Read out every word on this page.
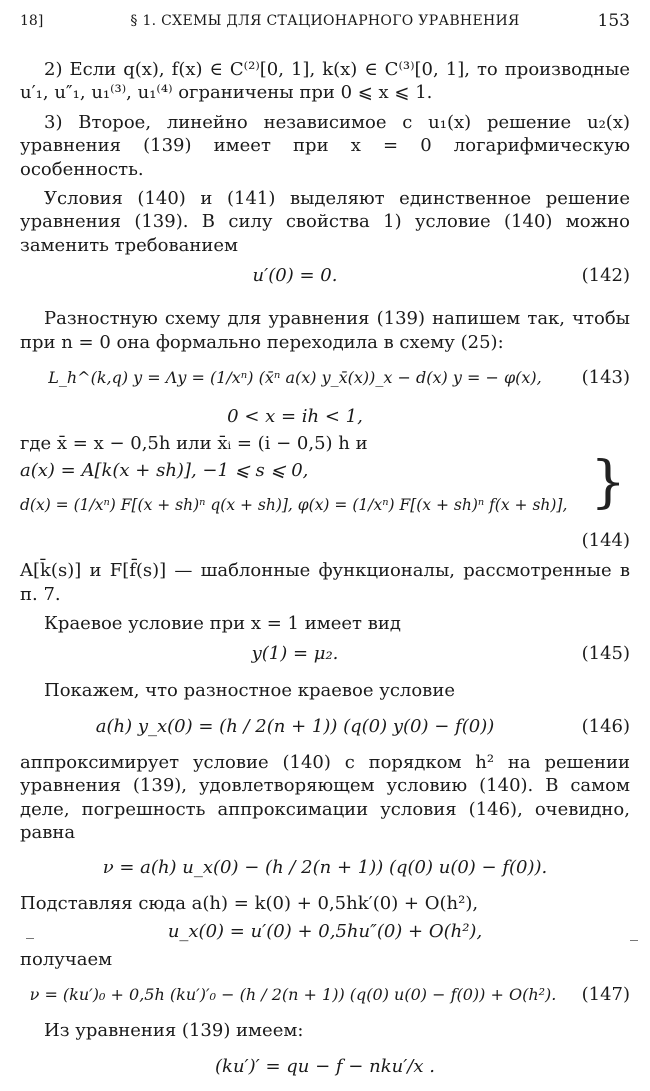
18]	§ 1. СХЕМЫ ДЛЯ СТАЦИОНАРНОГО УРАВНЕНИЯ	153

2) Если q(x), f(x) ∈ C⁽²⁾[0, 1], k(x) ∈ C⁽³⁾[0, 1], то производные u′₁, u″₁, u₁⁽³⁾, u₁⁽⁴⁾ ограничены при 0 ⩽ x ⩽ 1.

3) Второе, линейно независимое с u₁(x) решение u₂(x) уравнения (139) имеет при x = 0 логарифмическую особенность.

Условия (140) и (141) выделяют единственное решение уравнения (139). В силу свойства 1) условие (140) можно заменить требованием

u′(0) = 0.	(142)

Разностную схему для уравнения (139) напишем так, чтобы при n = 0 она формально переходила в схему (25):

L_h^(k,q) y = Λy = (1/xⁿ) (x̄ⁿ a(x) y_x̄(x))_x − d(x) y = − φ(x),	(143)
0 < x = ih < 1,

где x̄ = x − 0,5h или x̄ᵢ = (i − 0,5) h и

a(x) = A[k(x + sh)], −1 ⩽ s ⩽ 0,
d(x) = (1/xⁿ) F[(x + sh)ⁿ q(x + sh)], φ(x) = (1/xⁿ) F[(x + sh)ⁿ f(x + sh)], }
(144)

A[k̄(s)] и F[f̄(s)] — шаблонные функционалы, рассмотренные в п. 7.

Краевое условие при x = 1 имеет вид

y(1) = μ₂.	(145)

Покажем, что разностное краевое условие

a(h) y_x(0) = (h / 2(n + 1)) (q(0) y(0) − f(0))	(146)

аппроксимирует условие (140) с порядком h² на решении уравнения (139), удовлетворяющем условию (140). В самом деле, погрешность аппроксимации условия (146), очевидно, равна

ν = a(h) u_x(0) − (h / 2(n + 1)) (q(0) u(0) − f(0)).

Подставляя сюда a(h) = k(0) + 0,5hk′(0) + O(h²),

u_x(0) = u′(0) + 0,5hu″(0) + O(h²),

получаем

ν = (ku′)₀ + 0,5h (ku′)′₀ − (h / 2(n + 1)) (q(0) u(0) − f(0)) + O(h²).	(147)

Из уравнения (139) имеем:

(ku′)′ = qu − f − nku′/x .
